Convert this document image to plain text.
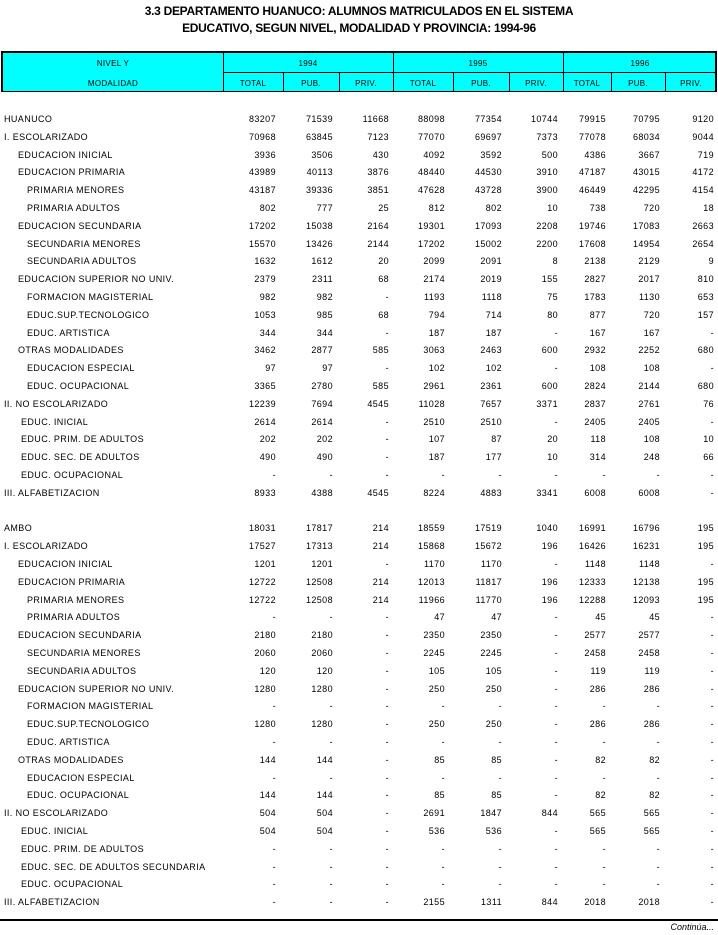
3.3 DEPARTAMENTO HUANUCO: ALUMNOS MATRICULADOS EN EL SISTEMA
EDUCATIVO, SEGUN NIVEL, MODALIDAD Y PROVINCIA: 1994-96
NIVEL Y
MODALIDAD
1994	1995	1996
TOTAL	PUB.	PRIV.	TOTAL	PUB.	PRIV.	TOTAL	PUB.	PRIV.
HUANUCO	83207	71539	11668	88098	77354	10744	79915	70795	9120
I. ESCOLARIZADO	70968	63845	7123	77070	69697	7373	77078	68034	9044
EDUCACION INICIAL	3936	3506	430	4092	3592	500	4386	3667	719
EDUCACION PRIMARIA	43989	40113	3876	48440	44530	3910	47187	43015	4172
PRIMARIA MENORES	43187	39336	3851	47628	43728	3900	46449	42295	4154
PRIMARIA ADULTOS	802	777	25	812	802	10	738	720	18
EDUCACION SECUNDARIA	17202	15038	2164	19301	17093	2208	19746	17083	2663
SECUNDARIA MENORES	15570	13426	2144	17202	15002	2200	17608	14954	2654
SECUNDARIA ADULTOS	1632	1612	20	2099	2091	8	2138	2129	9
EDUCACION SUPERIOR NO UNIV.	2379	2311	68	2174	2019	155	2827	2017	810
FORMACION MAGISTERIAL	982	982	-	1193	1118	75	1783	1130	653
EDUC.SUP.TECNOLOGICO	1053	985	68	794	714	80	877	720	157
EDUC. ARTISTICA	344	344	-	187	187	-	167	167	-
OTRAS MODALIDADES	3462	2877	585	3063	2463	600	2932	2252	680
EDUCACION ESPECIAL	97	97	-	102	102	-	108	108	-
EDUC. OCUPACIONAL	3365	2780	585	2961	2361	600	2824	2144	680
II. NO ESCOLARIZADO	12239	7694	4545	11028	7657	3371	2837	2761	76
EDUC. INICIAL	2614	2614	-	2510	2510	-	2405	2405	-
EDUC. PRIM. DE ADULTOS	202	202	-	107	87	20	118	108	10
EDUC. SEC. DE ADULTOS	490	490	-	187	177	10	314	248	66
EDUC. OCUPACIONAL	-	-	-	-	-	-	-	-	-
III. ALFABETIZACION	8933	4388	4545	8224	4883	3341	6008	6008	-
AMBO	18031	17817	214	18559	17519	1040	16991	16796	195
I. ESCOLARIZADO	17527	17313	214	15868	15672	196	16426	16231	195
EDUCACION INICIAL	1201	1201	-	1170	1170	-	1148	1148	-
EDUCACION PRIMARIA	12722	12508	214	12013	11817	196	12333	12138	195
PRIMARIA MENORES	12722	12508	214	11966	11770	196	12288	12093	195
PRIMARIA ADULTOS	-	-	-	47	47	-	45	45	-
EDUCACION SECUNDARIA	2180	2180	-	2350	2350	-	2577	2577	-
SECUNDARIA MENORES	2060	2060	-	2245	2245	-	2458	2458	-
SECUNDARIA ADULTOS	120	120	-	105	105	-	119	119	-
EDUCACION SUPERIOR NO UNIV.	1280	1280	-	250	250	-	286	286	-
FORMACION MAGISTERIAL	-	-	-	-	-	-	-	-	-
EDUC.SUP.TECNOLOGICO	1280	1280	-	250	250	-	286	286	-
EDUC. ARTISTICA	-	-	-	-	-	-	-	-	-
OTRAS MODALIDADES	144	144	-	85	85	-	82	82	-
EDUCACION ESPECIAL	-	-	-	-	-	-	-	-	-
EDUC. OCUPACIONAL	144	144	-	85	85	-	82	82	-
II. NO ESCOLARIZADO	504	504	-	2691	1847	844	565	565	-
EDUC. INICIAL	504	504	-	536	536	-	565	565	-
EDUC. PRIM. DE ADULTOS	-	-	-	-	-	-	-	-	-
EDUC. SEC. DE ADULTOS SECUNDARIA	-	-	-	-	-	-	-	-	-
EDUC. OCUPACIONAL	-	-	-	-	-	-	-	-	-
III. ALFABETIZACION	-	-	-	2155	1311	844	2018	2018	-
Continúa...
